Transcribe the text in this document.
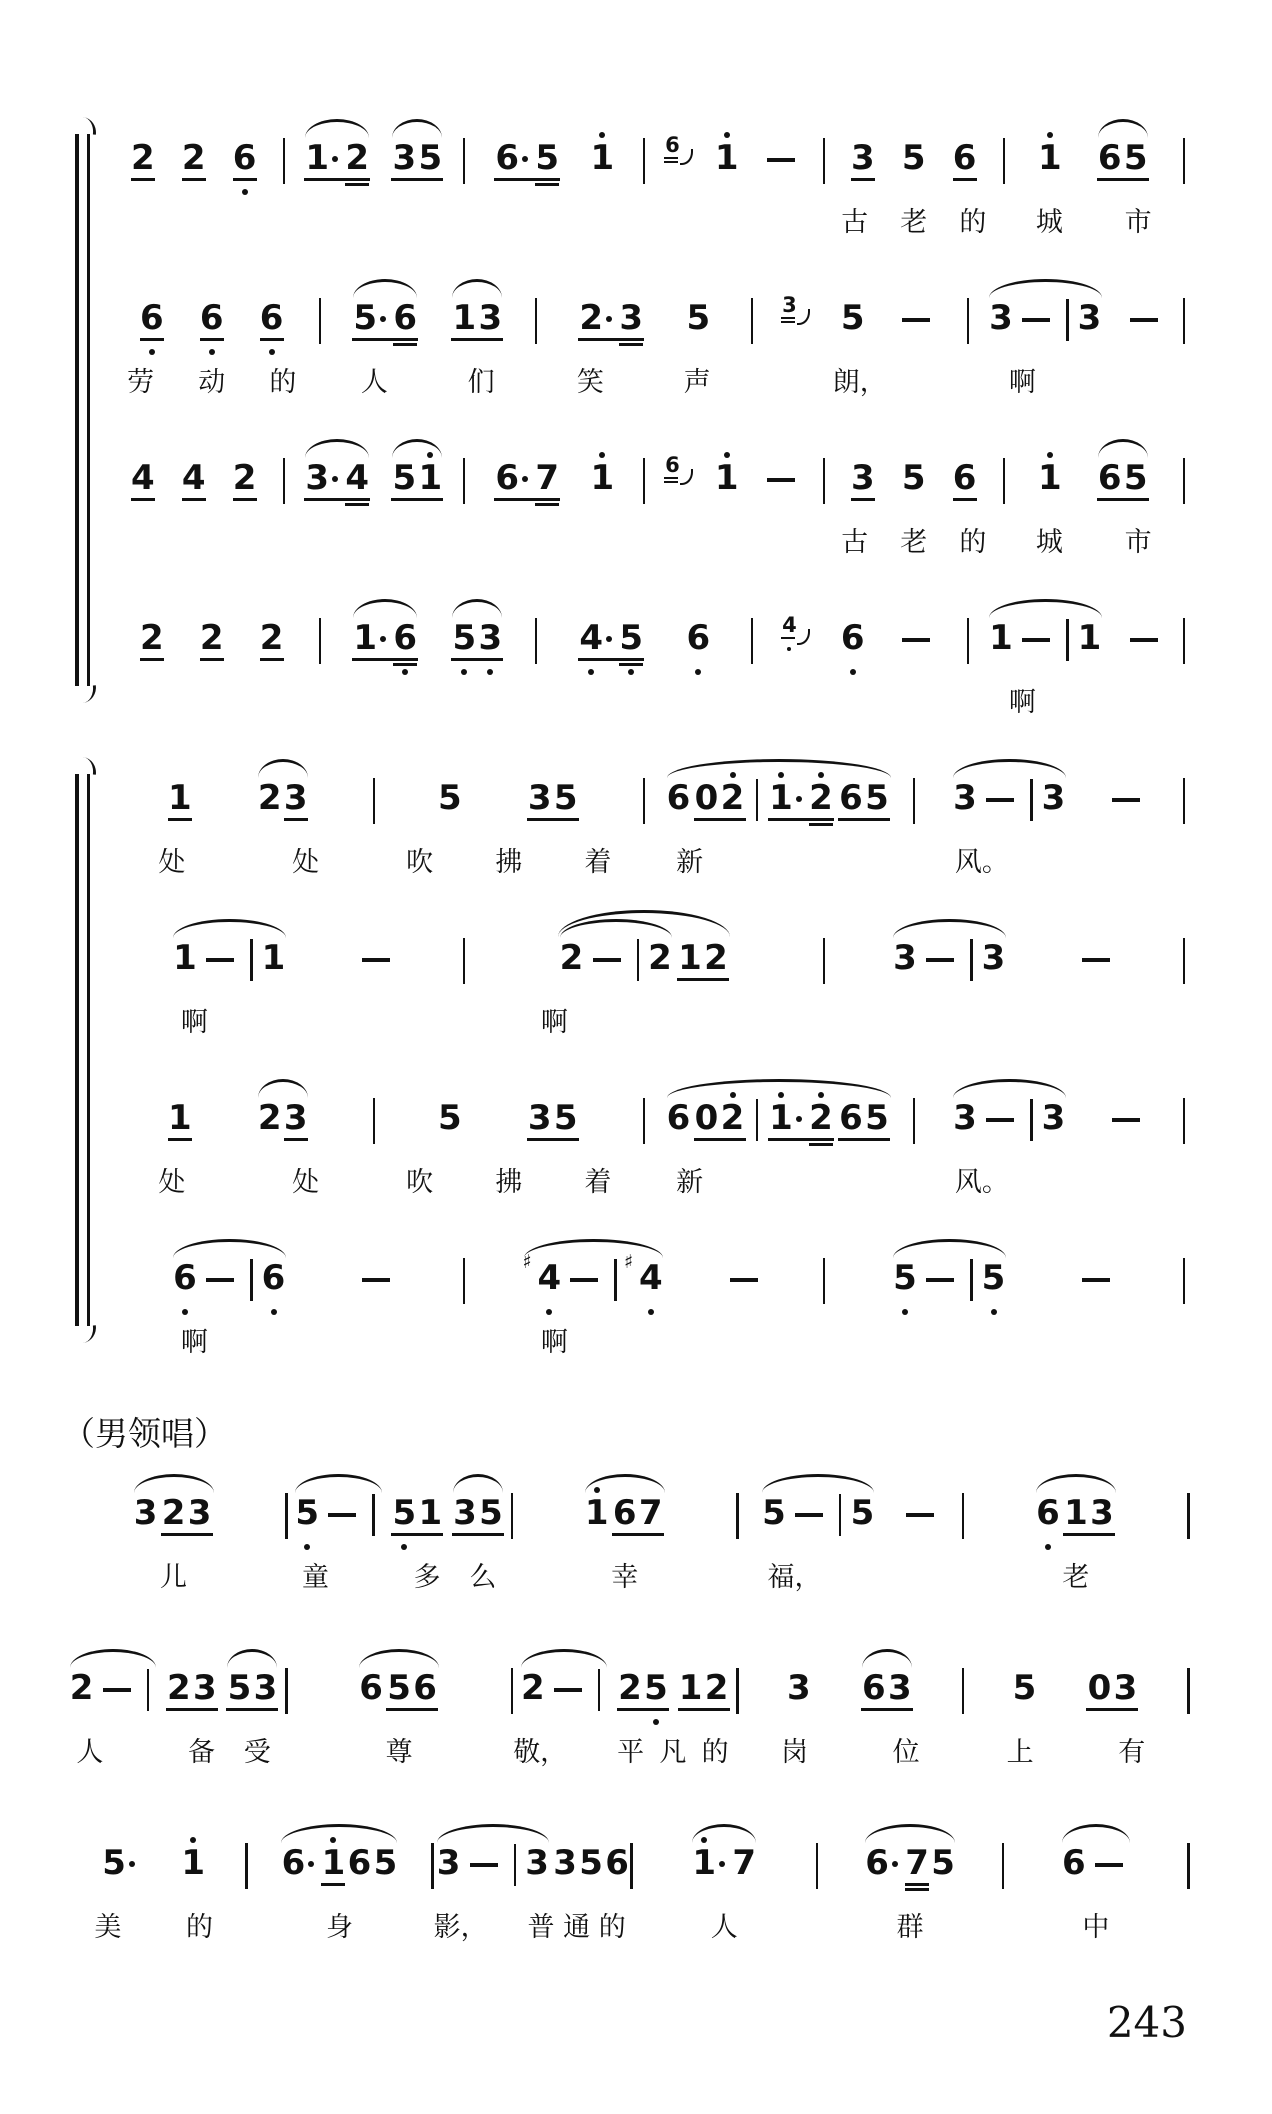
2 2 6 1 2 3 5 6 5 1 6 1	3 5 6
古	老	的
1 6 5
城	市
6 6 6
劳	动	的
5 6 1 3
人	们
2 3 5
笑	声
3 5
朗，
3 3
啊
4 4 2 3 4 5 1 6 7 1 6 1	3 5 6
古	老	的
1 6 5
城	市
2 2 2 1 6 5 3 4 5 6	4 6	1 1
啊
1 2 3
处	处
5 3 5
吹	拂	着
6 0 2 1 2 6 5
新
3 3
风。
1 1
啊
2 2 1 2
啊
3 3
1 2 3
处	处
5 3 5
吹	拂	着
6 0 2 1 2 6 5
新
3 3
风。
6 6
啊
♯ 4	♯ 4
啊
5 5
（男领唱）
3 2 3
儿
5 5 1 3 5
童	多	么
1 6 7
幸
5 5
福，
6 1 3
老
2 2 3 5 3
人	备	受
6 5 6
尊
2 2 5 1 2
敬， 平 凡 的
3 6 3
岗	位
5 0 3
上	有
5 1
美	的
6 1 6 5
身
3 3 3 5 6
影， 普 通 的
1 7
人
6 7 5
群
6
中
243
